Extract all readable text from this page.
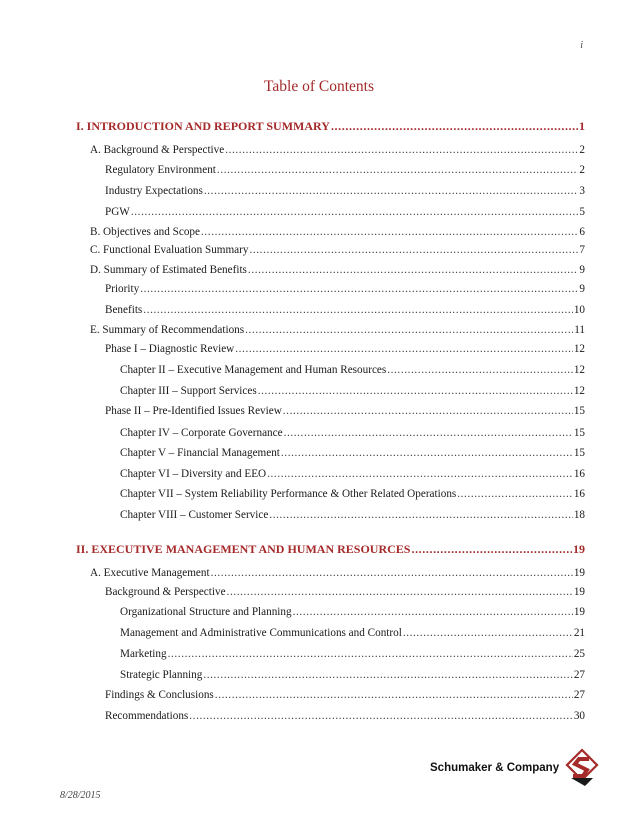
i
Table of Contents
I. INTRODUCTION AND REPORT SUMMARY .....	1
A. Background & Perspective .....	2
Regulatory Environment .....	2
Industry Expectations .....	3
PGW .....	5
B. Objectives and Scope .....	6
C. Functional Evaluation Summary .....	7
D. Summary of Estimated Benefits .....	9
Priority .....	9
Benefits .....	10
E. Summary of Recommendations .....	11
Phase I – Diagnostic Review .....	12
Chapter II – Executive Management and Human Resources .....	12
Chapter III – Support Services .....	12
Phase II – Pre-Identified Issues Review .....	15
Chapter IV – Corporate Governance .....	15
Chapter V – Financial Management .....	15
Chapter VI – Diversity and EEO .....	16
Chapter VII – System Reliability Performance & Other Related Operations .....	16
Chapter VIII – Customer Service .....	18
II. EXECUTIVE MANAGEMENT AND HUMAN RESOURCES .....	19
A. Executive Management .....	19
Background & Perspective .....	19
Organizational Structure and Planning .....	19
Management and Administrative Communications and Control .....	21
Marketing .....	25
Strategic Planning .....	27
Findings & Conclusions .....	27
Recommendations .....	30
Schumaker & Company
8/28/2015
